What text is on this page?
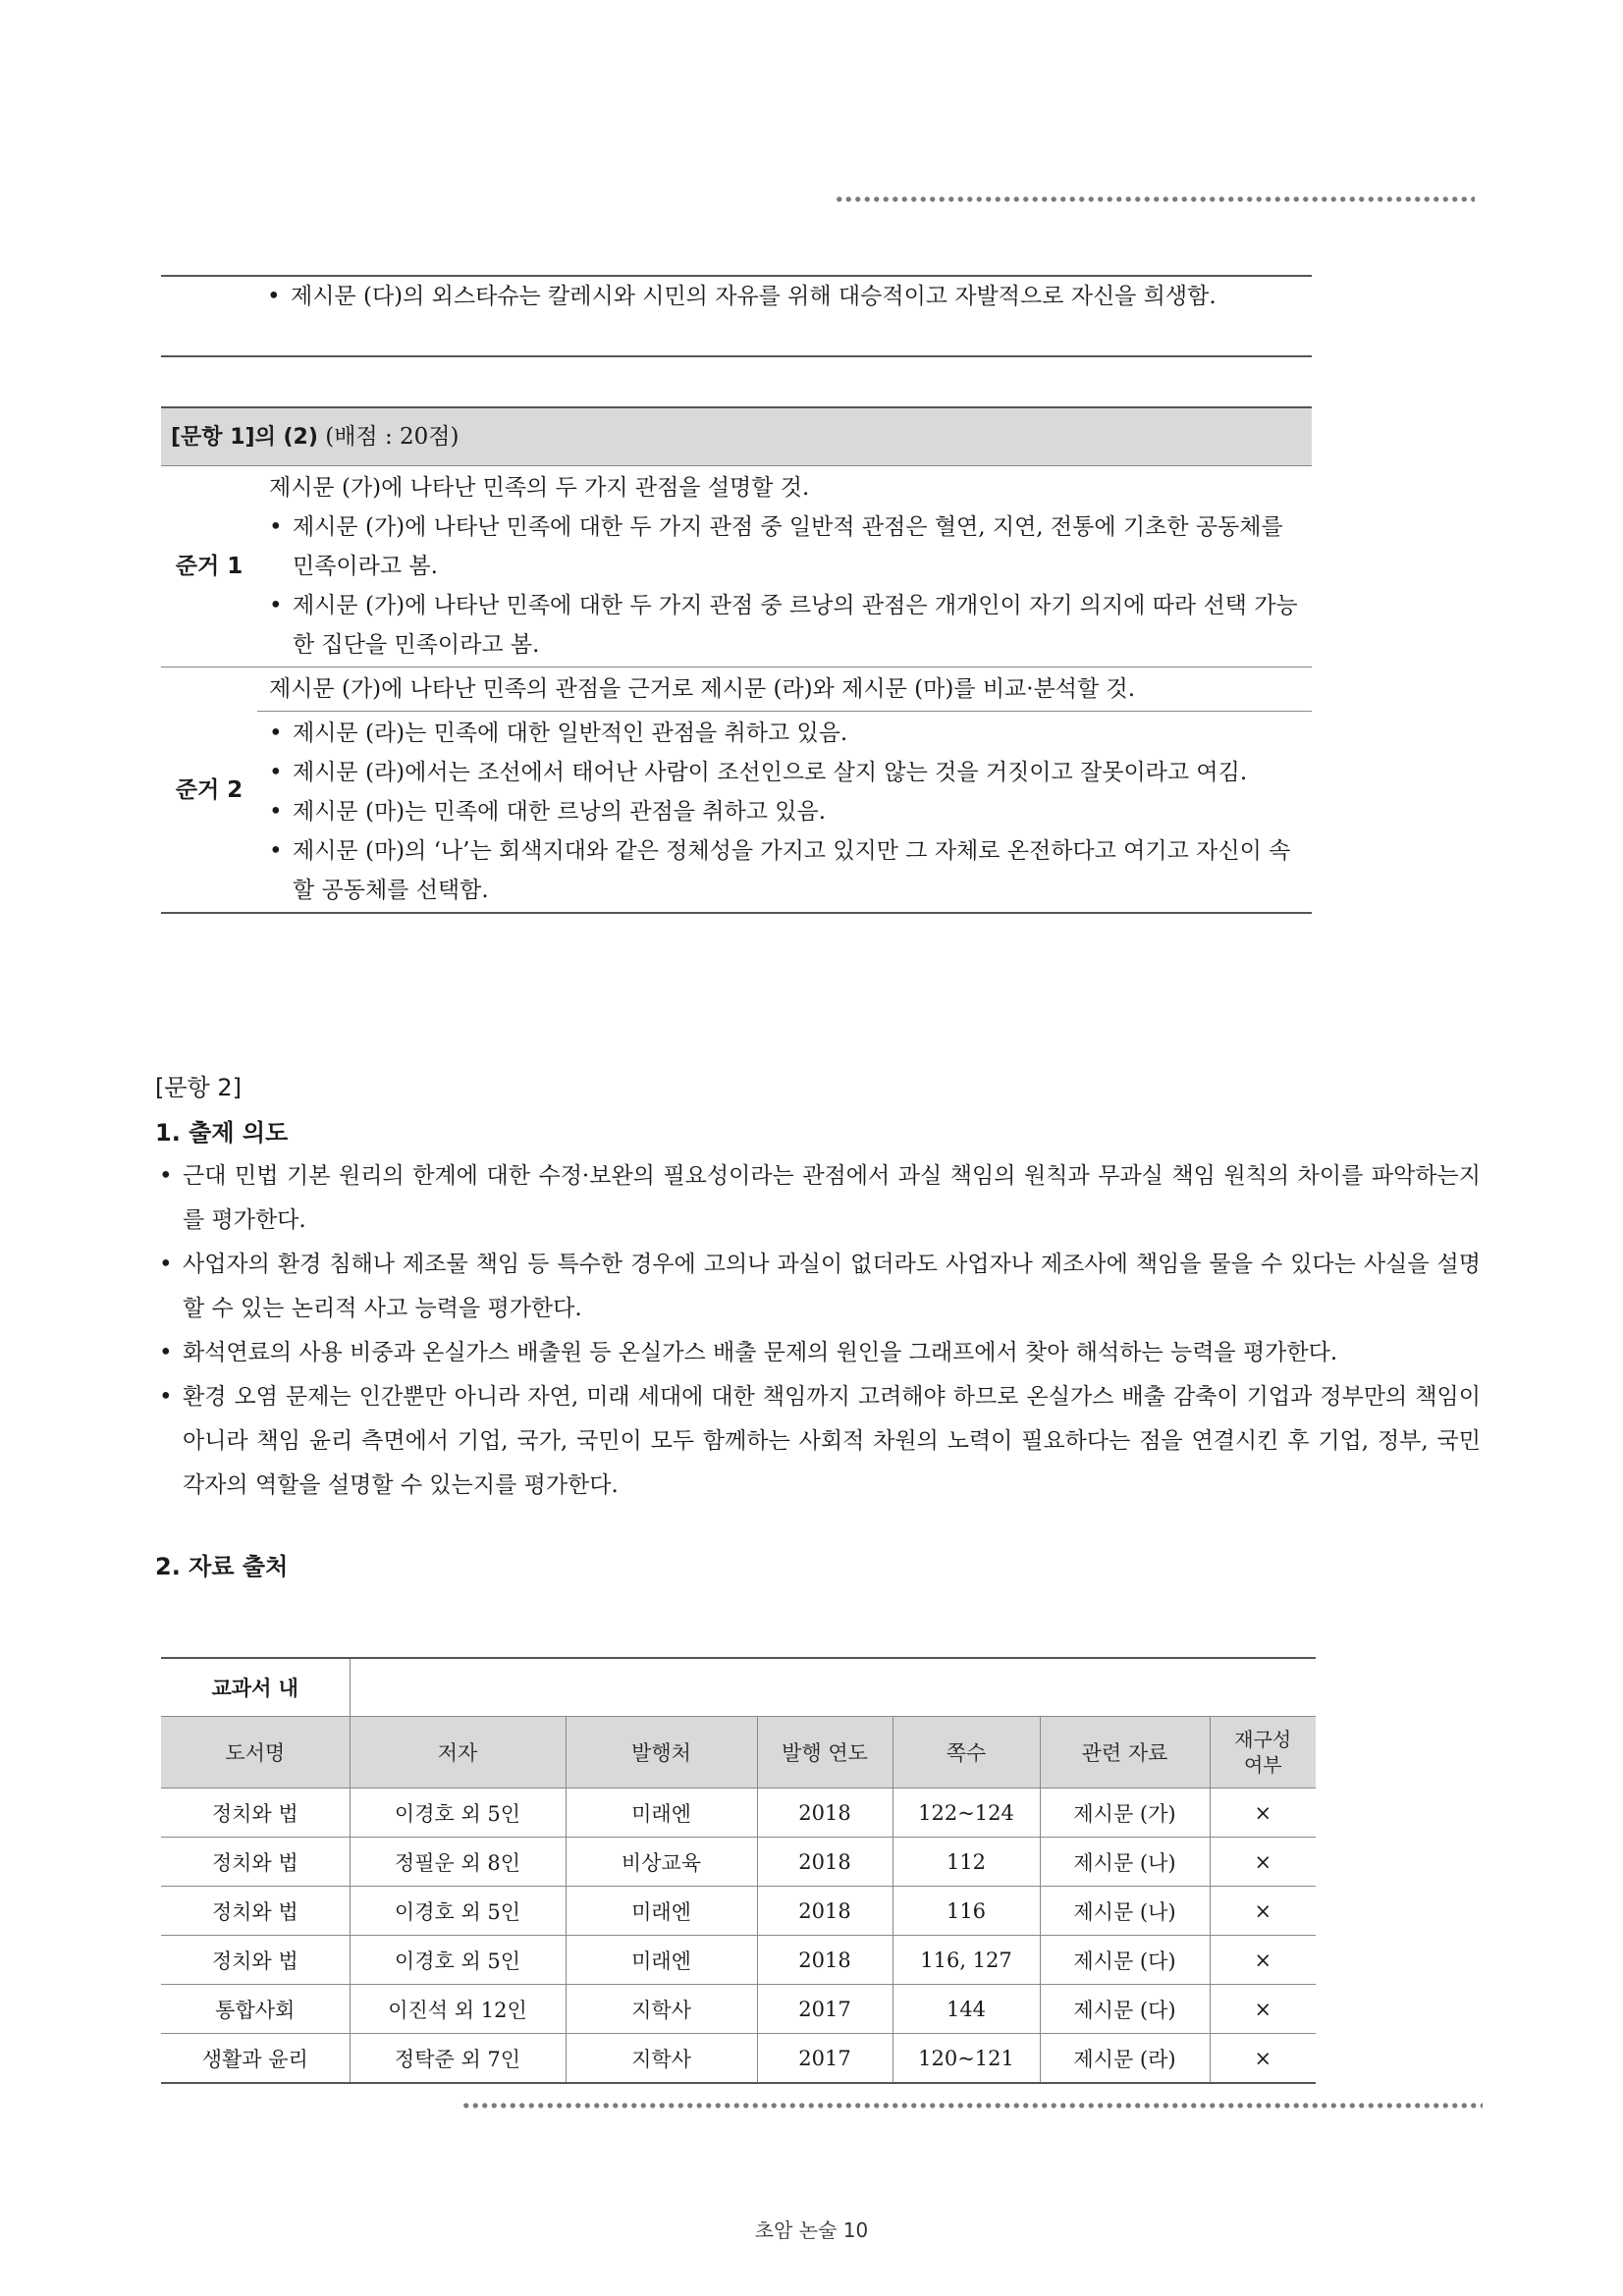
• 제시문 (다)의 외스타슈는 칼레시와 시민의 자유를 위해 대승적이고 자발적으로 자신을 희생함.
[문항 1]의 (2) (배점 : 20점)	
준거 1	제시문 (가)에 나타난 민족의 두 가지 관점을 설명할 것.
• 제시문 (가)에 나타난 민족에 대한 두 가지 관점 중 일반적 관점은 혈연, 지연, 전통에 기초한 공동체를 민족이라고 봄.
• 제시문 (가)에 나타난 민족에 대한 두 가지 관점 중 르낭의 관점은 개개인이 자기 의지에 따라 선택 가능한 집단을 민족이라고 봄.

준거 2	제시문 (가)에 나타난 민족의 관점을 근거로 제시문 (라)와 제시문 (마)를 비교·분석할 것.

	• 제시문 (라)는 민족에 대한 일반적인 관점을 취하고 있음.
• 제시문 (라)에서는 조선에서 태어난 사람이 조선인으로 살지 않는 것을 거짓이고 잘못이라고 여김.
• 제시문 (마)는 민족에 대한 르낭의 관점을 취하고 있음.
• 제시문 (마)의 ‘나’는 회색지대와 같은 정체성을 가지고 있지만 그 자체로 온전하다고 여기고 자신이 속할 공동체를 선택함.
[문항 2]
1. 출제 의도
• 근대 민법 기본 원리의 한계에 대한 수정·보완의 필요성이라는 관점에서 과실 책임의 원칙과 무과실 책임 원칙의 차이를 파악하는지를 평가한다.
• 사업자의 환경 침해나 제조물 책임 등 특수한 경우에 고의나 과실이 없더라도 사업자나 제조사에 책임을 물을 수 있다는 사실을 설명할 수 있는 논리적 사고 능력을 평가한다.
• 화석연료의 사용 비중과 온실가스 배출원 등 온실가스 배출 문제의 원인을 그래프에서 찾아 해석하는 능력을 평가한다.
• 환경 오염 문제는 인간뿐만 아니라 자연, 미래 세대에 대한 책임까지 고려해야 하므로 온실가스 배출 감축이 기업과 정부만의 책임이 아니라 책임 윤리 측면에서 기업, 국가, 국민이 모두 함께하는 사회적 차원의 노력이 필요하다는 점을 연결시킨 후 기업, 정부, 국민 각자의 역할을 설명할 수 있는지를 평가한다.
2. 자료 출처
교과서 내						
도서명	저자	발행처	발행 연도	쪽수	관련 자료	재구성 여부
정치와 법	이경호 외 5인	미래엔	2018	122~124	제시문 (가)	×
정치와 법	정필운 외 8인	비상교육	2018	112	제시문 (나)	×
정치와 법	이경호 외 5인	미래엔	2018	116	제시문 (나)	×
정치와 법	이경호 외 5인	미래엔	2018	116, 127	제시문 (다)	×
통합사회	이진석 외 12인	지학사	2017	144	제시문 (다)	×
생활과 윤리	정탁준 외 7인	지학사	2017	120~121	제시문 (라)	×
초암 논술 10
